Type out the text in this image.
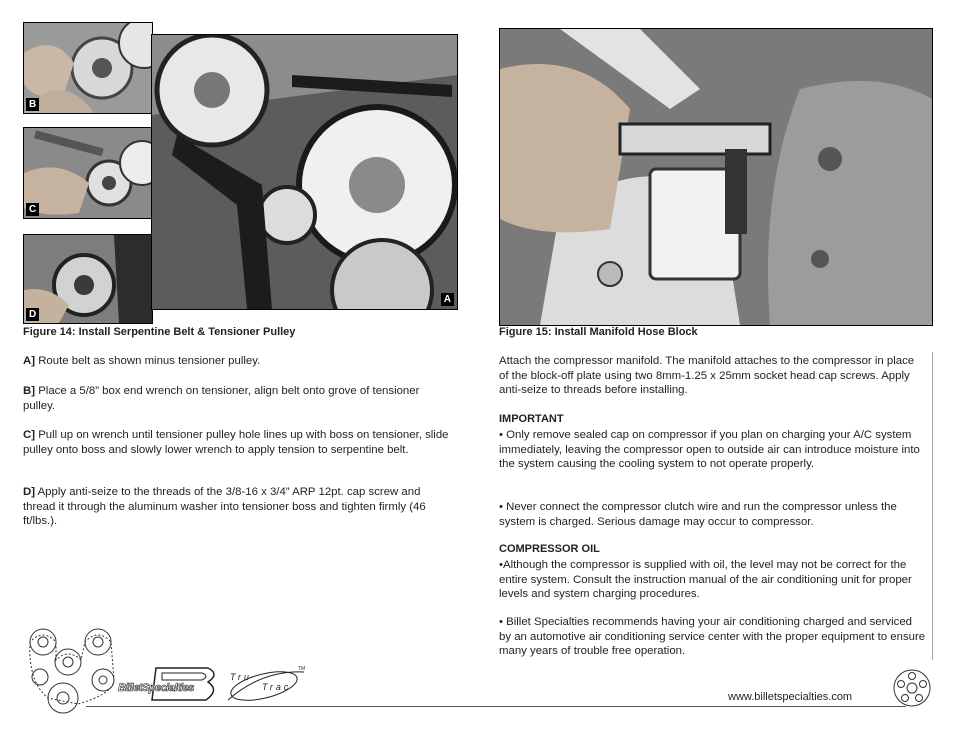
B
C
D
A
Figure 14: Install Serpentine Belt & Tensioner Pulley

A] Route belt as shown minus tensioner pulley.

B] Place a 5/8” box end wrench on tensioner, align belt onto grove of tensioner pulley.

C] Pull up on wrench until tensioner pulley hole lines up with boss on tensioner, slide pulley onto boss and slowly lower wrench to apply tension to serpentine belt.

D] Apply anti-seize to the threads of the 3/8-16 x 3/4” ARP 12pt. cap screw and thread it through the aluminum washer into tensioner boss and tighten firmly (46 ft/lbs.).

Figure 15: Install Manifold Hose Block

Attach the compressor manifold. The manifold attaches to the compressor in place of the block-off plate using two 8mm-1.25 x 25mm socket head cap screws. Apply anti-seize to threads before installing.

IMPORTANT

• Only remove sealed cap on compressor if you plan on charging your A/C system immediately, leaving the compressor open to outside air can introduce moisture into the system causing the cooling system to not operate properly.

• Never connect the compressor clutch wire and run the compressor unless the system is charged. Serious damage may occur to compressor.

COMPRESSOR OIL

•Although the compressor is supplied with oil, the level may not be correct for the entire system. Consult the instruction manual of the air conditioning unit for proper levels and system charging procedures.

• Billet Specialties recommends having your air conditioning charged and serviced by an automotive air conditioning service center with the proper equipment to ensure many years of trouble free operation.

BilletSpecialties
Tru
Trac
TM
www.billetspecialties.com
